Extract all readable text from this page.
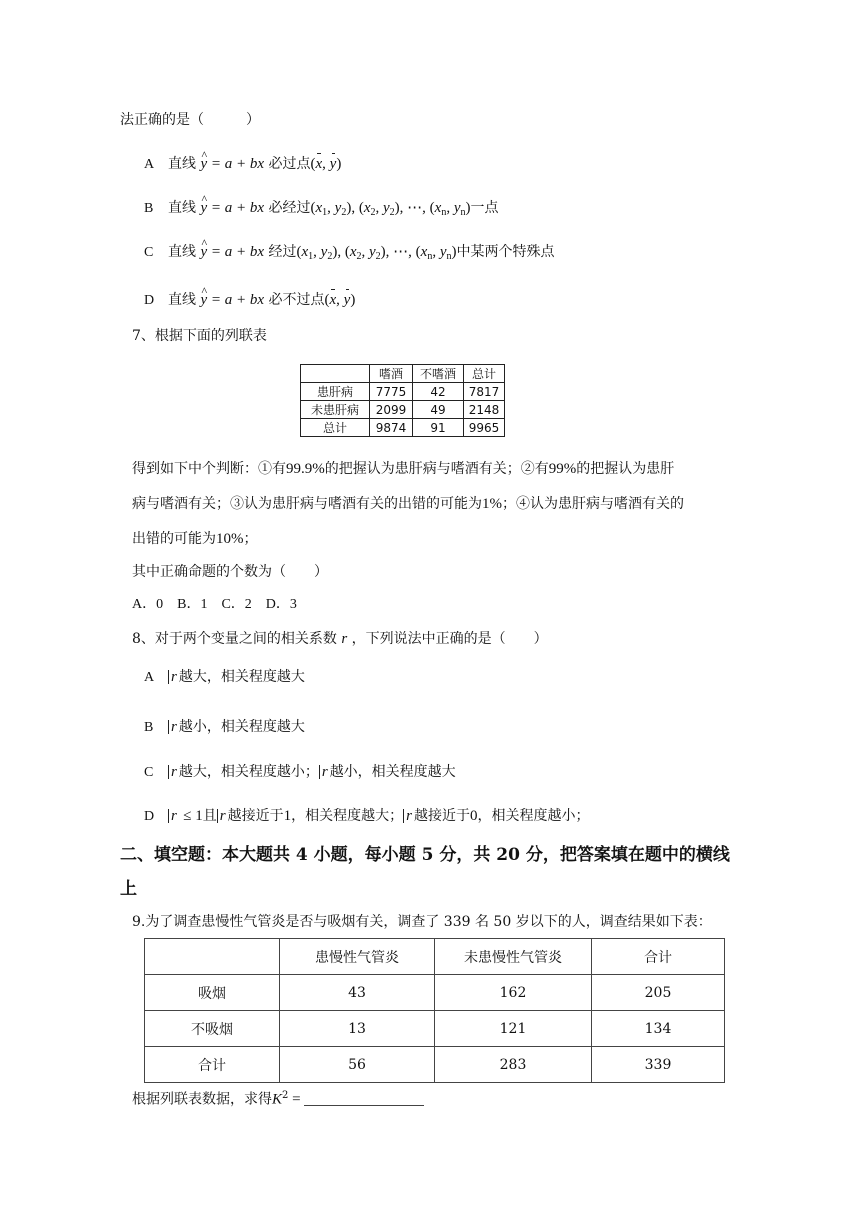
法正确的是（　　　）
A 直线 ^ y = a + bx 必过点(x, y)
B 直线 ^ y = a + bx 必经过($x_1$, $y_2$), ($x_2$, $y_2$), ⋯, ($x_n$, $y_n$)一点
C 直线 ^ y = a + bx 经过($x_1$, $y_2$), ($x_2$, $y_2$), ⋯, ($x_n$, $y_n$)中某两个特殊点
D 直线 ^ y = a + bx 必不过点(x, y)
7、根据下面的列联表
	嗜酒	不嗜酒	总计
患肝病	7775	42	7817
未患肝病	2099	49	2148
总计	9874	91	9965
得到如下中个判断：①有99.9%的把握认为患肝病与嗜酒有关；②有99%的把握认为患肝
病与嗜酒有关；③认为患肝病与嗜酒有关的出错的可能为1%；④认为患肝病与嗜酒有关的
出错的可能为10%；
其中正确命题的个数为（　　）
A．0　B．1　C．2　D．3
8、对于两个变量之间的相关系数 r ，下列说法中正确的是（　　）
A r 越大，相关程度越大
B r 越小，相关程度越大
C r 越大，相关程度越小； r 越小，相关程度越大
D r ≤ 1且 r 越接近于1，相关程度越大； r 越接近于0，相关程度越小；
二、填空题：本大题共 4 小题，每小题 5 分，共 20 分，把答案填在题中的横线
上
9.为了调查患慢性气管炎是否与吸烟有关，调查了 339 名 50 岁以下的人，调查结果如下表：
	患慢性气管炎	未患慢性气管炎	合计
吸烟	43	162	205
不吸烟	13	121	134
合计	56	283	339
根据列联表数据，求得$K^2$ =
